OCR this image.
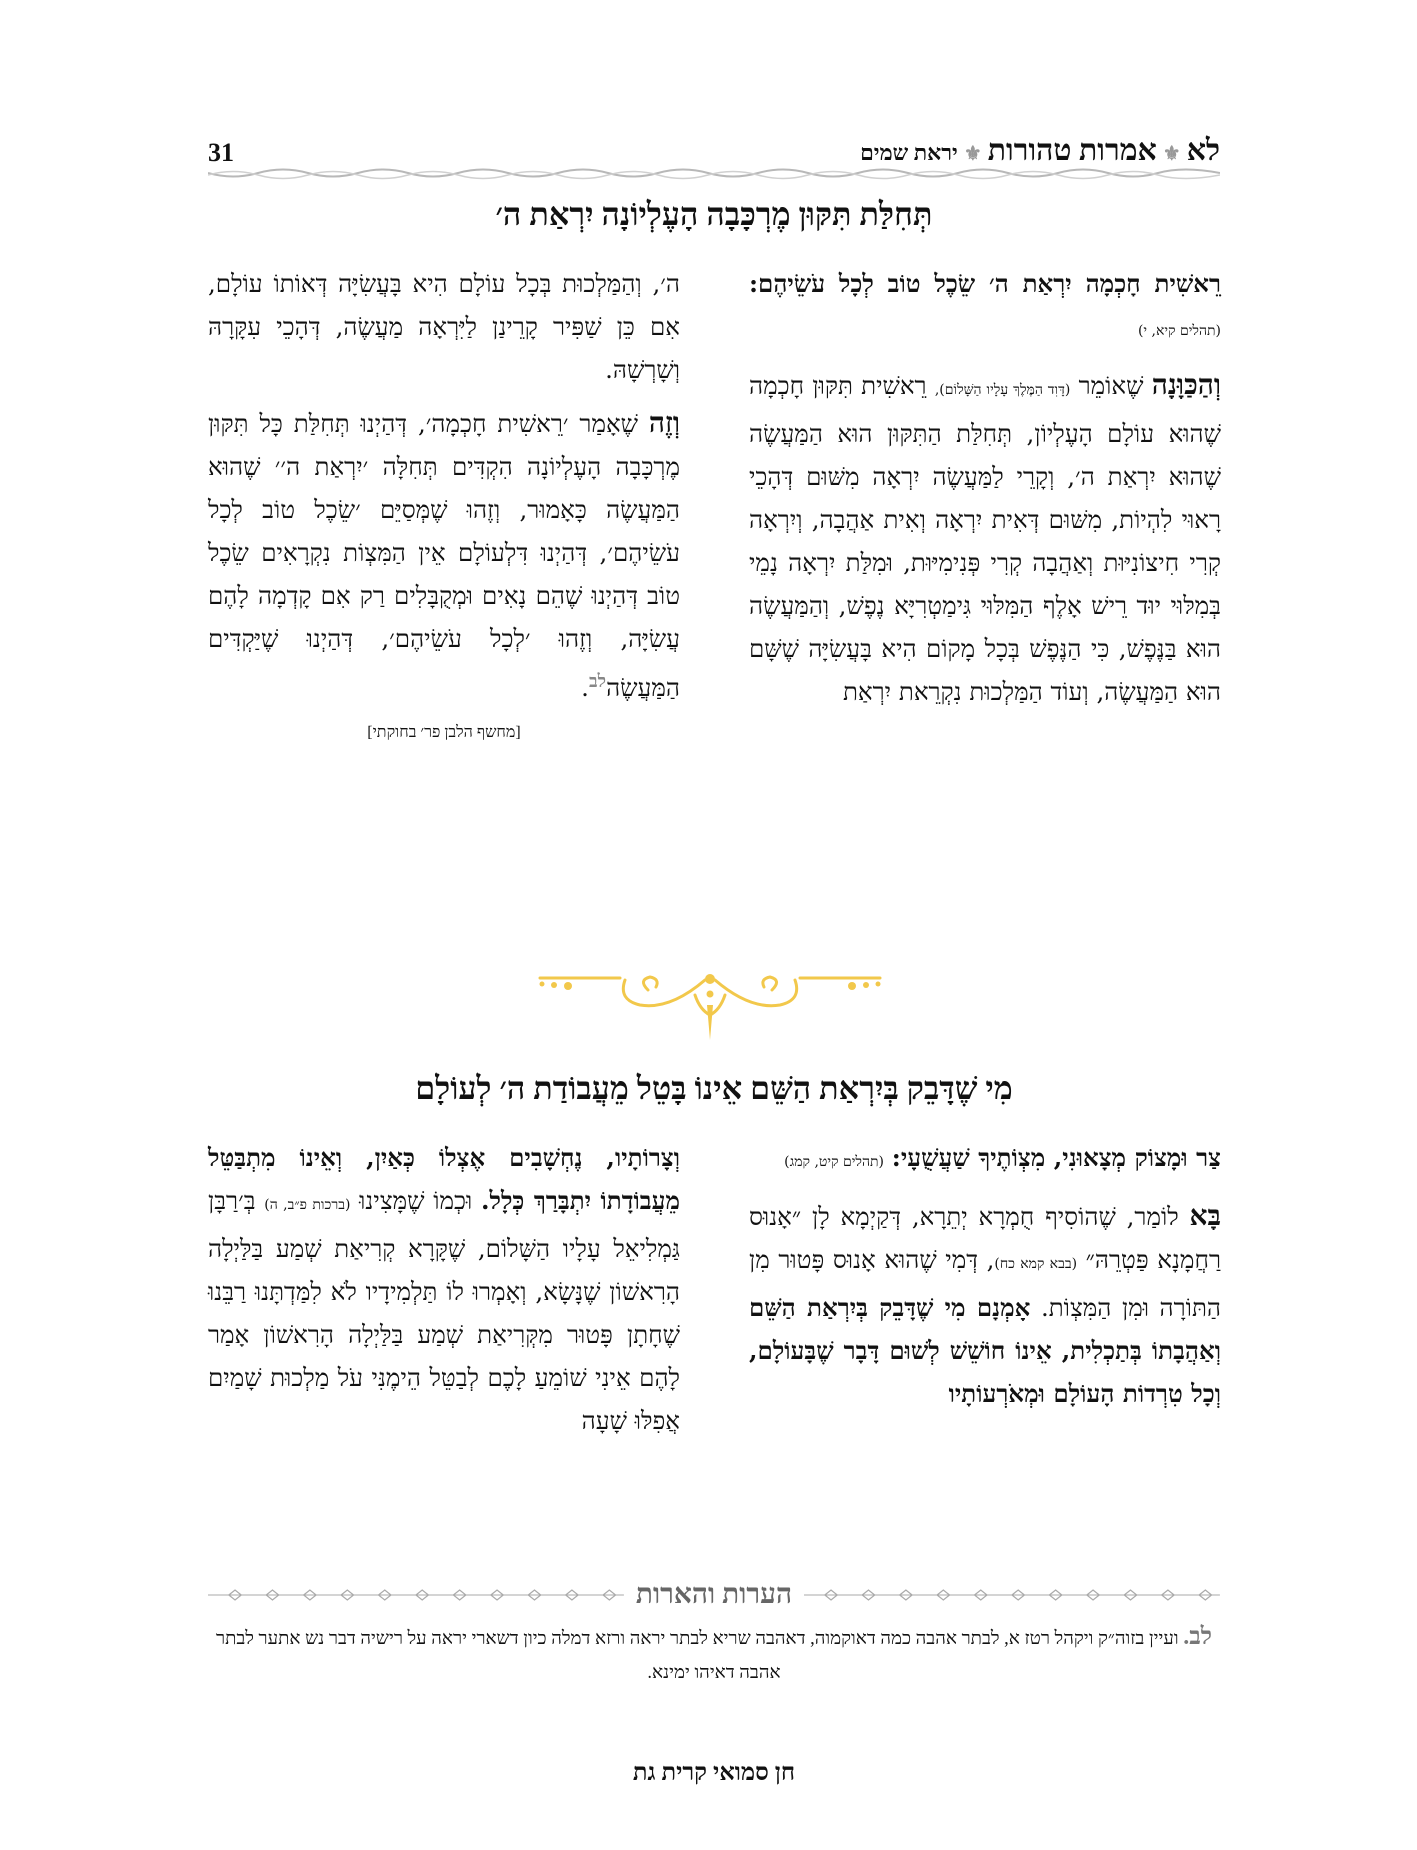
לא
⚜
אמרות טהורות
⚜
יראת שמים
31
תְּחִלַּת תִּקּוּן מֶרְכָּבָה הָעֶלְיוֹנָה יִרְאַת ה׳

רֵאשִׁית חָכְמָה יִרְאַת ה׳ שֵׂכֶל טוֹב לְכָל עֹשֵׂיהֶם: (תהלים קיא, י)

וְהַכַּוָּנָה שֶׁאוֹמֵר (דָּוִד הַמֶּלֶךְ עָלָיו הַשָּׁלוֹם), רֵאשִׁית תִּקּוּן חָכְמָה שֶׁהוּא עוֹלָם הָעֶלְיוֹן, תְּחִלַּת הַתִּקּוּן הוּא הַמַּעֲשֶׂה שֶׁהוּא יִרְאַת ה׳, וְקָרֵי לַמַּעֲשֶׂה יִרְאָה מִשּׁוּם דְּהָכֵי רָאוּי לִהְיוֹת, מִשּׁוּם דְּאִית יִרְאָה וְאִית אַהֲבָה, וְיִרְאָה קְרִי חִיצוֹנִיּוּת וְאַהֲבָה קְרִי פְּנִימִיּוּת, וּמִלַּת יִרְאָה נָמֵי בְּמִלּוּי יוּד רֵישׁ אָלֶף הַמִּלּוּי גִּימַטְרִיָּא נֶפֶשׁ, וְהַמַּעֲשֶׂה הוּא בַּנֶּפֶשׁ, כִּי הַנֶּפֶשׁ בְּכָל מָקוֹם הִיא בָּעֲשִׂיָּה שֶׁשָּׁם הוּא הַמַּעֲשֶׂה, וְעוֹד הַמַּלְכוּת נִקְרֵאת יִרְאַת

ה׳, וְהַמַּלְכוּת בְּכָל עוֹלָם הִיא בָּעֲשִׂיָּה דְּאוֹתוֹ עוֹלָם, אִם כֵּן שַׁפִּיר קָרֵינַן לַיִּרְאָה מַעֲשֶׂה, דְּהָכֵי עִקָּרָהּ וְשָׁרְשָׁהּ.

וְזֶה שֶׁאָמַר ׳רֵאשִׁית חָכְמָה׳, דְּהַיְנוּ תְּחִלַּת כָּל תִּקּוּן מֶרְכָּבָה הָעֶלְיוֹנָה הִקְדִּים תְּחִלָּה ׳יִרְאַת ה׳׳ שֶׁהוּא הַמַּעֲשֶׂה כָּאָמוּר, וְזֶהוּ שֶׁמְּסַיֵּם ׳שֵׂכֶל טוֹב לְכָל עֹשֵׂיהֶם׳, דְּהַיְנוּ דִּלְעוֹלָם אֵין הַמִּצְוֹת נִקְרָאִים שֵׂכֶל טוֹב דְּהַיְנוּ שֶׁהֵם נָאִים וּמְקֻבָּלִים רַק אִם קָדְמָה לָהֶם עֲשִׂיָּה, וְזֶהוּ ׳לְכָל עֹשֵׂיהֶם׳, דְּהַיְנוּ שֶׁיַּקְדִּים הַמַּעֲשֶׂה$^{לב}$.

[מחשף הלבן פר׳ בחוקתי]
מִי שֶׁדָּבֵק בְּיִרְאַת הַשֵּׁם אֵינוֹ בָּטֵל מֵעֲבוֹדַת ה׳ לְעוֹלָם

צַר וּמָצוֹק מְצָאוּנִי, מִצְוֹתֶיךָ שַׁעֲשֻׁעָי: (תהלים קיט, קמג)

בָּא לוֹמַר, שֶׁהוֹסִיף חֻמְרָא יְתֵרָא, דְּקַיְמָא לָן ״אָנוּס רַחֲמָנָא פַּטְרֵהּ״ (בבא קמא כח), דְּמִי שֶׁהוּא אָנוּס פָּטוּר מִן הַתּוֹרָה וּמִן הַמִּצְוֹת. אָמְנָם מִי שֶׁדָּבֵק בְּיִרְאַת הַשֵּׁם וְאַהֲבָתוֹ בְּתַכְלִית, אֵינוֹ חוֹשֵׁשׁ לְשׁוּם דָּבָר שֶׁבָּעוֹלָם, וְכָל טִרְדוֹת הָעוֹלָם וּמְאֹרְעוֹתָיו

וְצָרוֹתָיו, נֶחְשָׁבִים אֶצְלוֹ כְּאַיִן, וְאֵינוֹ מִתְבַּטֵּל מֵעֲבוֹדָתוֹ יִתְבָּרַךְ כְּלָל. וּכְמוֹ שֶׁמָּצִינוּ (ברכות פ״ב, ה) בְּ׳רַבָּן גַּמְלִיאֵל עָלָיו הַשָּׁלוֹם, שֶׁקָּרָא קְרִיאַת שְׁמַע בַּלַּיְלָה הָרִאשׁוֹן שֶׁנָּשָׂא, וְאָמְרוּ לוֹ תַּלְמִידָיו לֹא לִמַּדְתָּנוּ רַבֵּנוּ שֶׁחָתָן פָּטוּר מִקְּרִיאַת שְׁמַע בַּלַּיְלָה הָרִאשׁוֹן אָמַר לָהֶם אֵינִי שׁוֹמֵעַ לָכֶם לְבַטֵּל הֵימֶנִּי עֹל מַלְכוּת שָׁמַיִם אֲפִלּוּ שָׁעָה

הערות והארות
לב. ועיין בזוה״ק ויקהל רטז א, לבתר אהבה כמה דאוקמוה, דאהבה שריא לבתר יראה ורזא דמלה כיון דשארי יראה על רישיה דבר נש אתער לבתר אהבה דאיהו ימינא.
חן סמואי קרית גת
